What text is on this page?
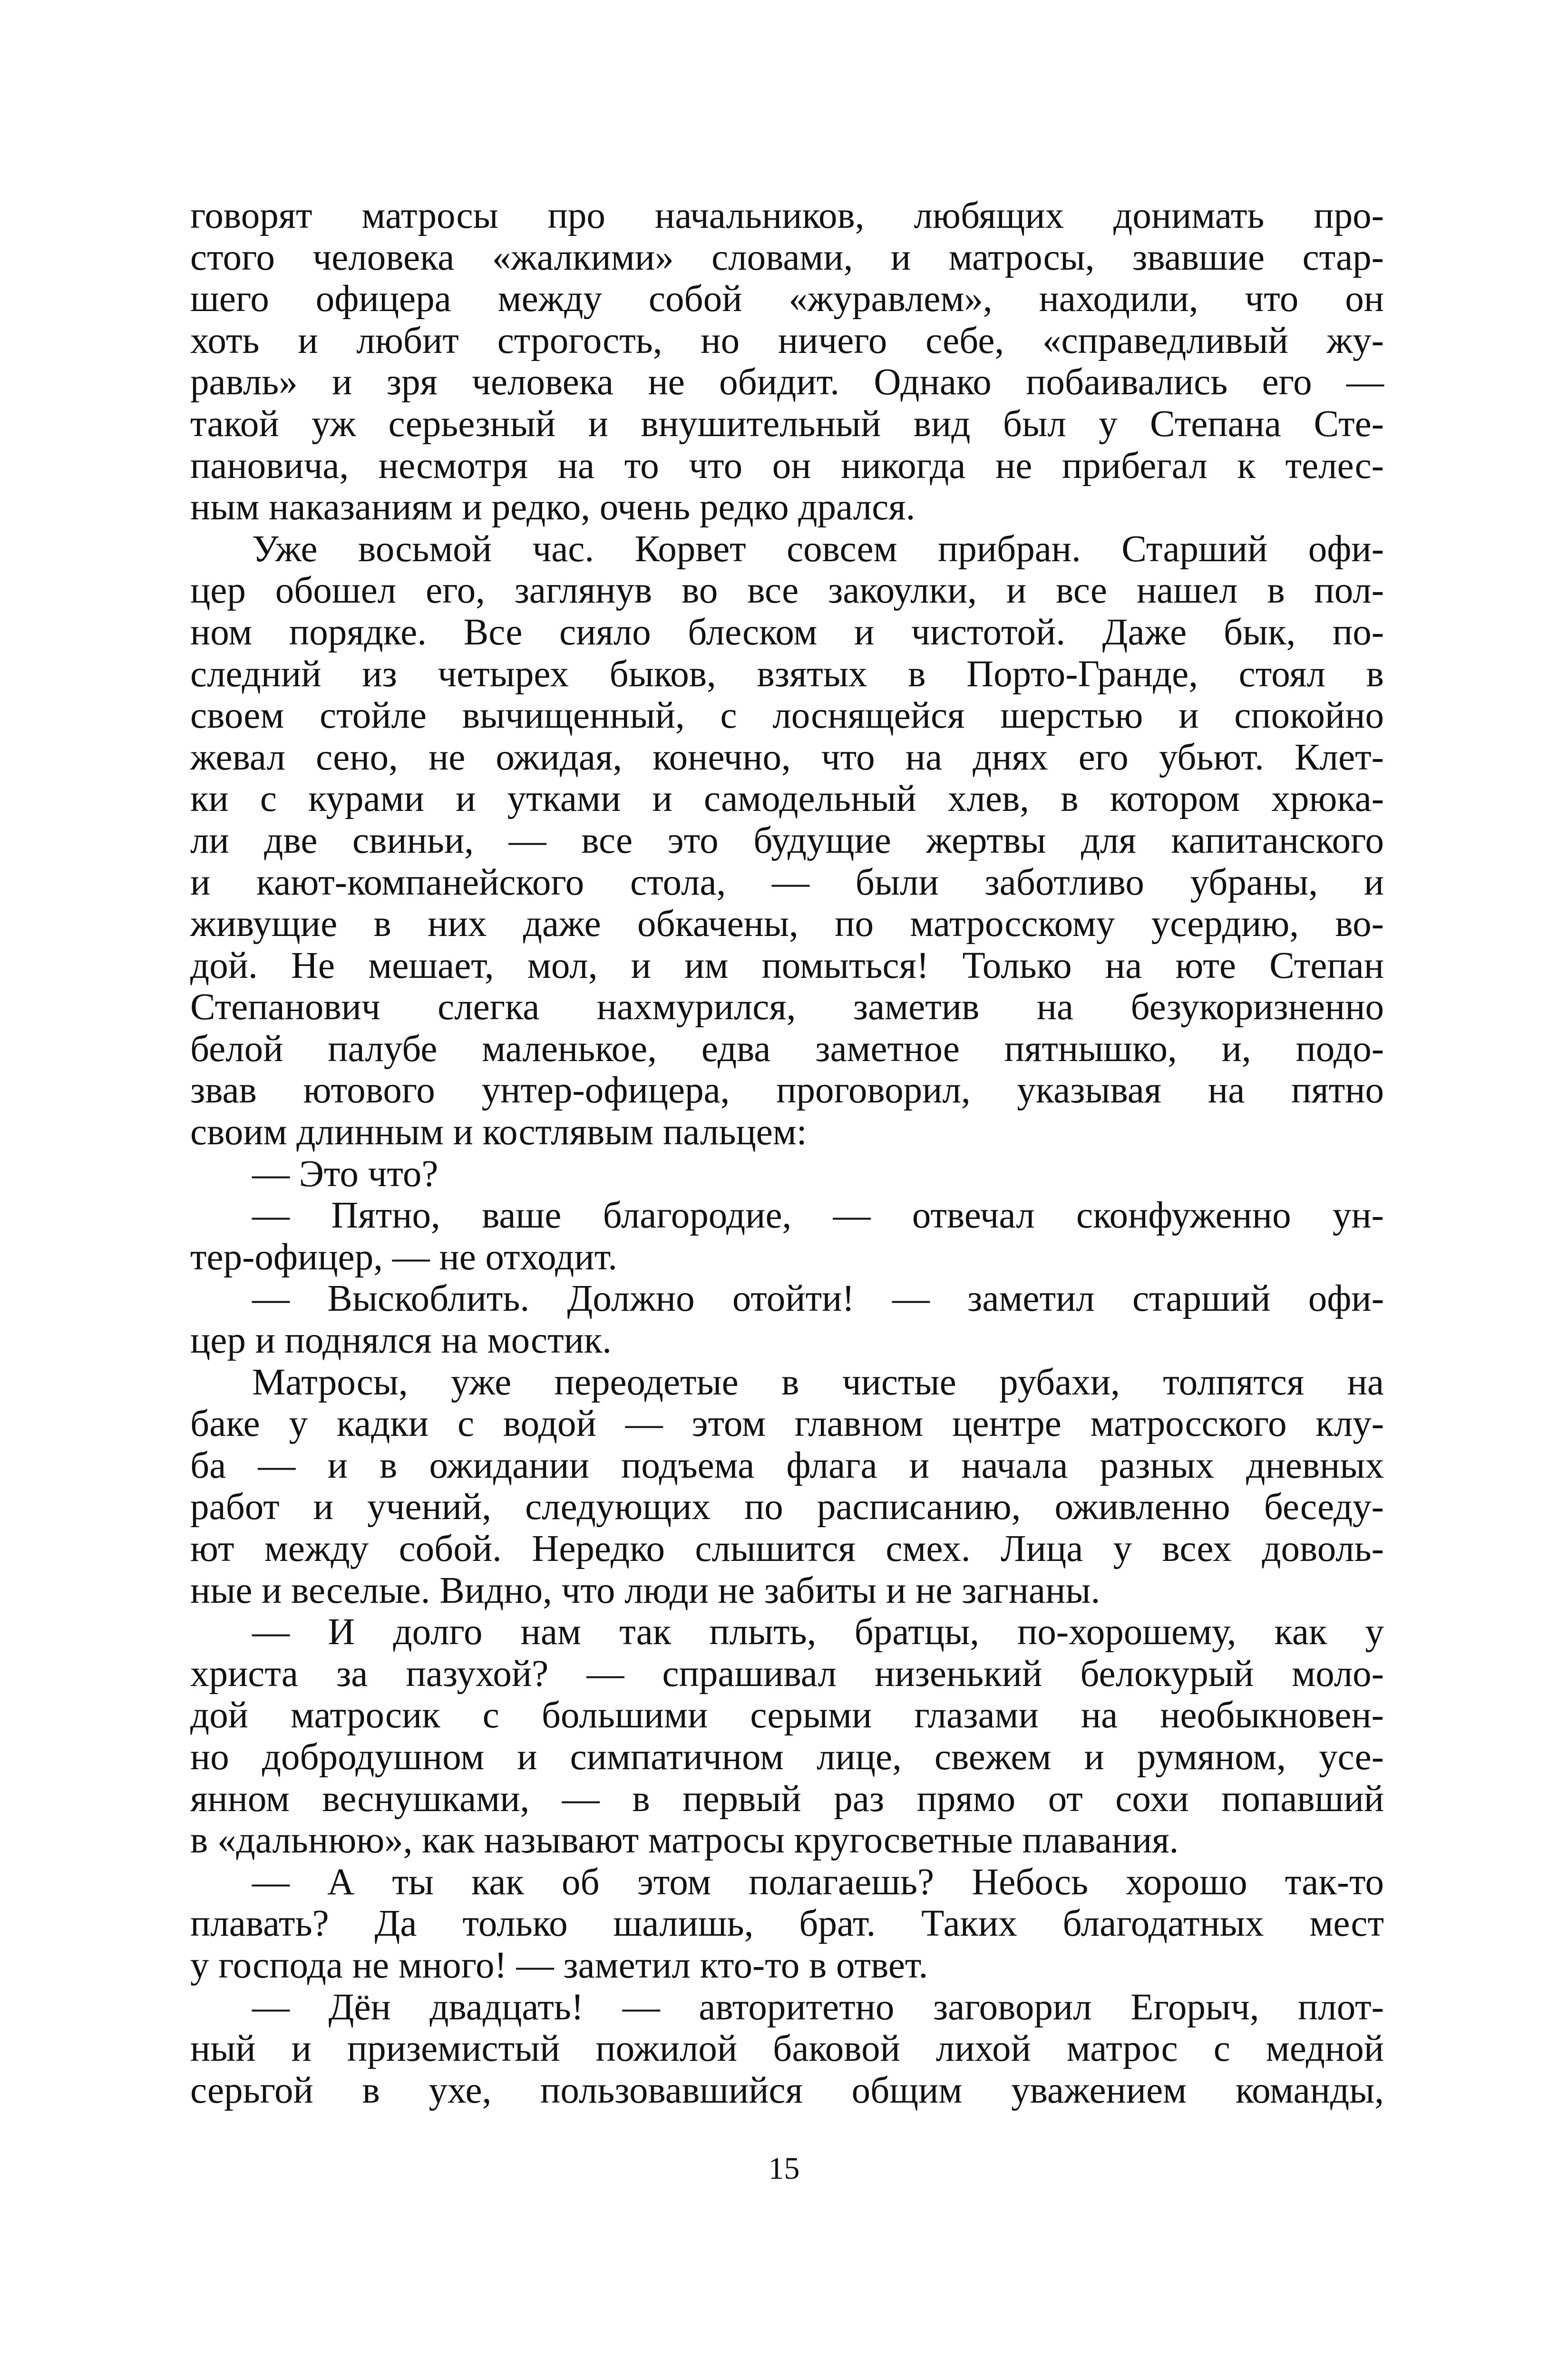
говорят матросы про начальников, любящих донимать про-
стого человека «жалкими» словами, и матросы, звавшие стар-
шего офицера между собой «журавлем», находили, что он
хоть и любит строгость, но ничего себе, «справедливый жу-
равль» и зря человека не обидит. Однако побаивались его —
такой уж серьезный и внушительный вид был у Степана Сте-
пановича, несмотря на то что он никогда не прибегал к телес-
ным наказаниям и редко, очень редко дрался.
Уже восьмой час. Корвет совсем прибран. Старший офи-
цер обошел его, заглянув во все закоулки, и все нашел в пол-
ном порядке. Все сияло блеском и чистотой. Даже бык, по-
следний из четырех быков, взятых в Порто-Гранде, стоял в
своем стойле вычищенный, с лоснящейся шерстью и спокойно
жевал сено, не ожидая, конечно, что на днях его убьют. Клет-
ки с курами и утками и самодельный хлев, в котором хрюка-
ли две свиньи, — все это будущие жертвы для капитанского
и кают-компанейского стола, — были заботливо убраны, и
живущие в них даже обкачены, по матросскому усердию, во-
дой. Не мешает, мол, и им помыться! Только на юте Степан
Степанович слегка нахмурился, заметив на безукоризненно
белой палубе маленькое, едва заметное пятнышко, и, подо-
звав ютового унтер-офицера, проговорил, указывая на пятно
своим длинным и костлявым пальцем:
— Это что?
— Пятно, ваше благородие, — отвечал сконфуженно ун-
тер-офицер, — не отходит.
— Выскоблить. Должно отойти! — заметил старший офи-
цер и поднялся на мостик.
Матросы, уже переодетые в чистые рубахи, толпятся на
баке у кадки с водой — этом главном центре матросского клу-
ба — и в ожидании подъема флага и начала разных дневных
работ и учений, следующих по расписанию, оживленно беседу-
ют между собой. Нередко слышится смех. Лица у всех доволь-
ные и веселые. Видно, что люди не забиты и не загнаны.
— И долго нам так плыть, братцы, по-хорошему, как у
христа за пазухой? — спрашивал низенький белокурый моло-
дой матросик с большими серыми глазами на необыкновен-
но добродушном и симпатичном лице, свежем и румяном, усе-
янном веснушками, — в первый раз прямо от сохи попавший
в «дальнюю», как называют матросы кругосветные плавания.
— А ты как об этом полагаешь? Небось хорошо так-то
плавать? Да только шалишь, брат. Таких благодатных мест
у господа не много! — заметил кто-то в ответ.
— Дён двадцать! — авторитетно заговорил Егорыч, плот-
ный и приземистый пожилой баковой лихой матрос с медной
серьгой в ухе, пользовавшийся общим уважением команды,
15
